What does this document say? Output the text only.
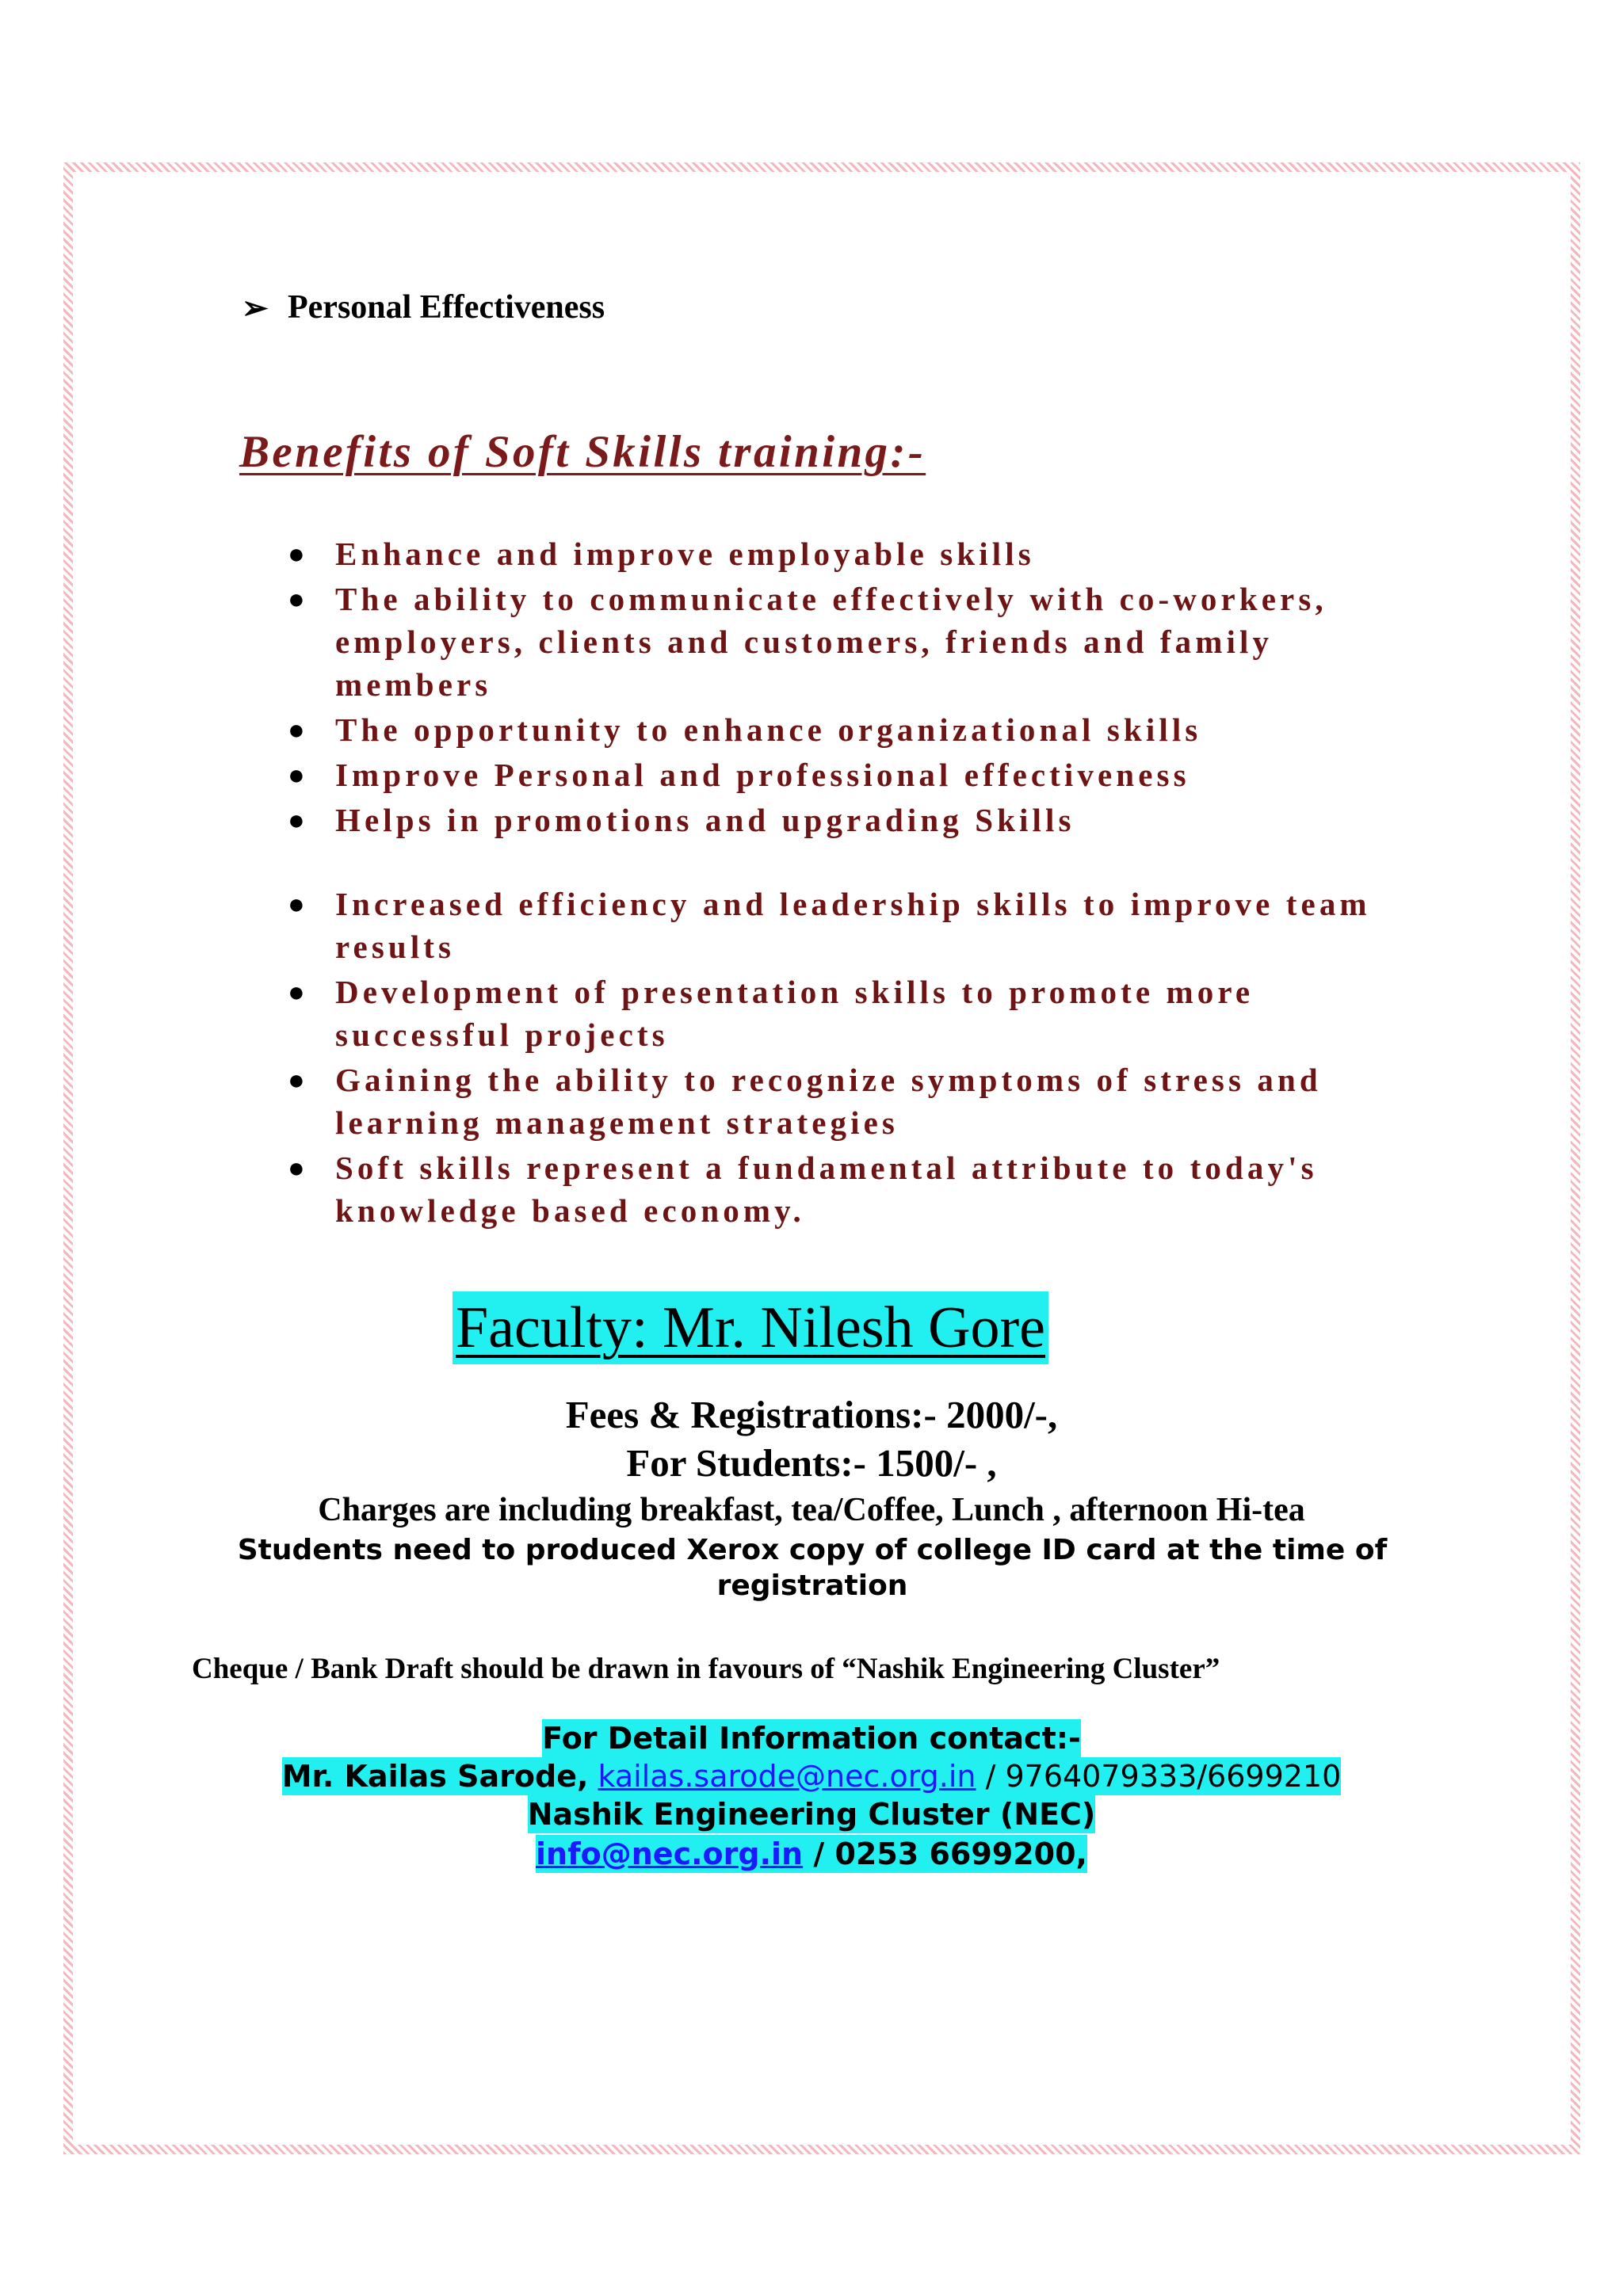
➢ Personal Effectiveness
Benefits of Soft Skills training:-
● Enhance and improve employable skills
● The ability to communicate effectively with co-workers, employers, clients and customers, friends and family members
● The opportunity to enhance organizational skills
● Improve Personal and professional effectiveness
● Helps in promotions and upgrading Skills
● Increased efficiency and leadership skills to improve team results
● Development of presentation skills to promote more successful projects
● Gaining the ability to recognize symptoms of stress and learning management strategies
● Soft skills represent a fundamental attribute to today's knowledge based economy.
Faculty: Mr. Nilesh Gore
Fees & Registrations:- 2000/-,
For Students:- 1500/- ,
Charges are including breakfast, tea/Coffee, Lunch , afternoon Hi-tea
Students need to produced Xerox copy of college ID card at the time of registration
Cheque / Bank Draft should be drawn in favours of “Nashik Engineering Cluster”
For Detail Information contact:-
Mr. Kailas Sarode, kailas.sarode@nec.org.in / 9764079333/6699210
Nashik Engineering Cluster (NEC)
info@nec.org.in / 0253 6699200,
